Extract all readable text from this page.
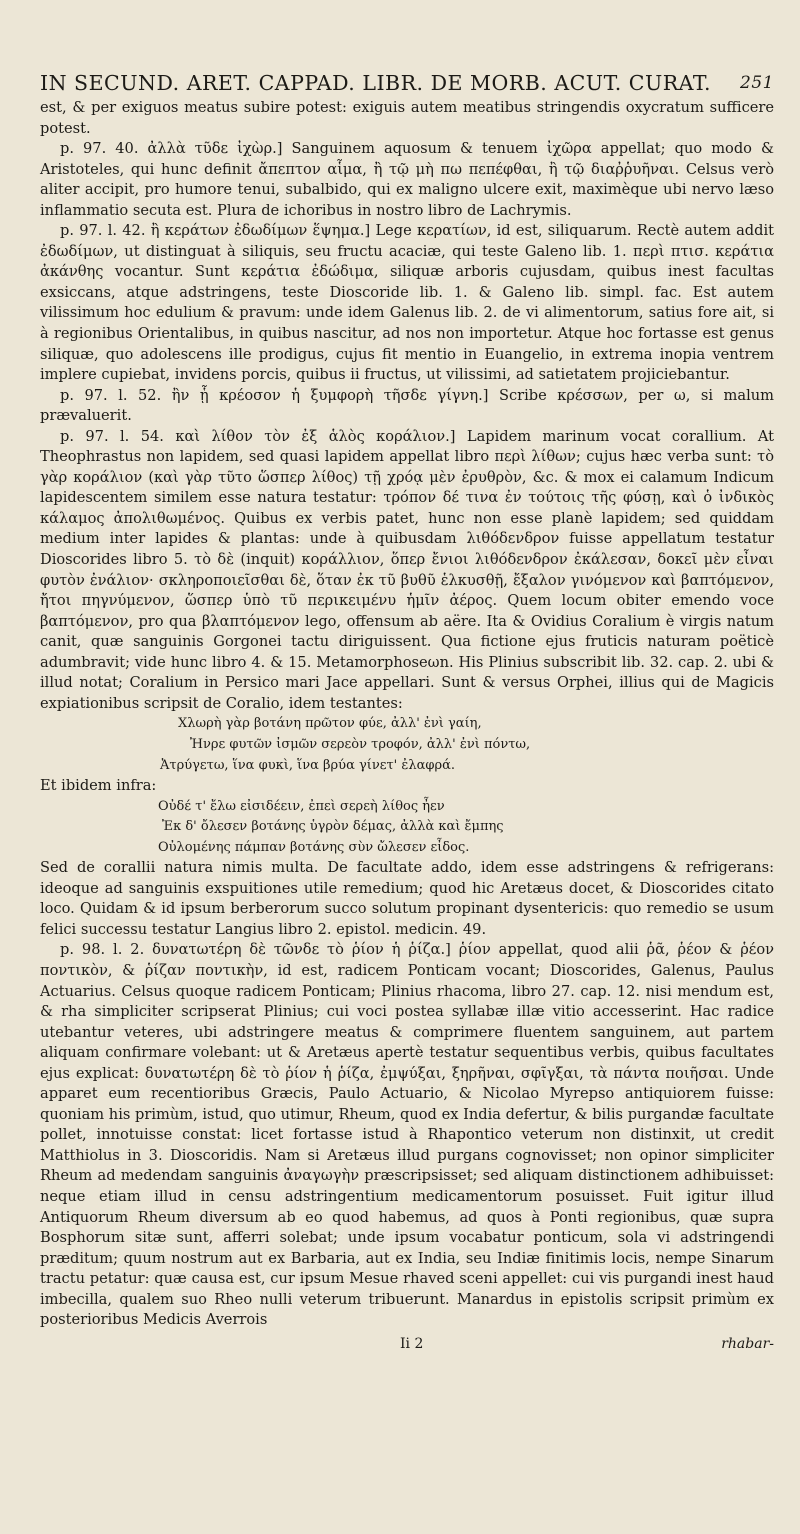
IN SECUND. ARET. CAPPAD. LIBR. DE MORB. ACUT. CURAT. 251

est, & per exiguos meatus subire potest: exiguis autem meatibus stringendis oxycratum sufficere potest.

p. 97. 40. ἀλλὰ τῦδε ἰχὼρ.] Sanguinem aquosum & tenuem ἰχῶρα appellat; quo modo & Aristoteles, qui hunc definit ἄπεπτον αἷμα, ἢ τῷ μὴ πω πεπέφθαι, ἢ τῷ διαῤῥυῆναι. Celsus verò aliter accipit, pro humore tenui, subalbido, qui ex maligno ulcere exit, maximèque ubi nervo læso inflammatio secuta est. Plura de ichoribus in nostro libro de Lachrymis.

p. 97. l. 42. ἢ κεράτων ἐδωδίμων ἕψημα.] Lege κερατίων, id est, siliquarum. Rectè autem addit ἐδωδίμων, ut distinguat à siliquis, seu fructu acaciæ, qui teste Galeno lib. 1. περὶ πτισ. κεράτια ἀκάνθης vocantur. Sunt κεράτια ἐδώδιμα, siliquæ arboris cujusdam, quibus inest facultas exsiccans, atque adstringens, teste Dioscoride lib. 1. & Galeno lib. simpl. fac. Est autem vilissimum hoc edulium & pravum: unde idem Galenus lib. 2. de vi alimentorum, satius fore ait, si à regionibus Orientalibus, in quibus nascitur, ad nos non importetur. Atque hoc fortasse est genus siliquæ, quo adolescens ille prodigus, cujus fit mentio in Euangelio, in extrema inopia ventrem implere cupiebat, invidens porcis, quibus ii fructus, ut vilissimi, ad satietatem projiciebantur.

p. 97. l. 52. ἢν ᾗ κρέοσον ἡ ξυμφορὴ τῆσδε γίγνη.] Scribe κρέσσων, per ω, si malum prævaluerit.

p. 97. l. 54. καὶ λίθον τὸν ἐξ ἁλὸς κοράλιον.] Lapidem marinum vocat corallium. At Theophrastus non lapidem, sed quasi lapidem appellat libro περὶ λίθων; cujus hæc verba sunt: τὸ γὰρ κοράλιον (καὶ γὰρ τῦτο ὥσπερ λίθος) τῇ χρόᾳ μὲν ἐρυθρὸν, &c. & mox ei calamum Indicum lapidescentem similem esse natura testatur: τρόπον δέ τινα ἐν τούτοις τῆς φύσῃ, καὶ ὁ ἰνδικὸς κάλαμος ἀπολιθωμένος. Quibus ex verbis patet, hunc non esse planè lapidem; sed quiddam medium inter lapides & plantas: unde à quibusdam λιθόδενδρον fuisse appellatum testatur Dioscorides libro 5. τὸ δὲ (inquit) κοράλλιον, ὅπερ ἔνιοι λιθόδενδρον ἐκάλεσαν, δοκεῖ μὲν εἶναι φυτὸν ἐνάλιον· σκληροποιεῖσθαι δὲ, ὅταν ἐκ τῦ βυθῦ ἑλκυσθῇ, ἔξαλον γινόμενον καὶ βαπτόμενον, ἤτοι πηγνύμενον, ὥσπερ ὑπὸ τῦ περικειμένυ ἡμῖν ἀέρος. Quem locum obiter emendo voce βαπτόμενον, pro qua βλαπτόμενον lego, offensum ab aëre. Ita & Ovidius Coralium è virgis natum canit, quæ sanguinis Gorgonei tactu diriguissent. Qua fictione ejus fruticis naturam poëticè adumbravit; vide hunc libro 4. & 15. Metamorphoseωn. His Plinius subscribit lib. 32. cap. 2. ubi & illud notat; Coralium in Persico mari Jace appellari. Sunt & versus Orphei, illius qui de Magicis expiationibus scripsit de Coralio, idem testantes:

Χλωρὴ γὰρ βοτάνη πρῶτον φύε, ἀλλ' ἐνὶ γαίη,
Ἠνρε φυτῶν ἰσμῶν σερεὸν τροφόν, ἀλλ' ἐνὶ πόντω,
Ἀτρύγετω, ἵνα φυκὶ, ἵνα βρύα γίνετ' ἐλαφρά.

Et ibidem infra:

Οὐδέ τ' ἔλω εἰσιδέειν, ἐπεὶ σερεὴ λίθος ἦεν
Ἐκ δ' ὄλεσεν βοτάνης ὑγρὸν δέμας, ἀλλὰ καὶ ἔμπης
Οὐλομένης πάμπαν βοτάνης σὺν ὤλεσεν εἶδος.

Sed de corallii natura nimis multa. De facultate addo, idem esse adstringens & refrigerans: ideoque ad sanguinis exspuitiones utile remedium; quod hic Aretæus docet, & Dioscorides citato loco. Quidam & id ipsum berberorum succo solutum propinant dysentericis: quo remedio se usum felici successu testatur Langius libro 2. epistol. medicin. 49.

p. 98. l. 2. δυνατωτέρη δὲ τῶνδε τὸ ῥίον ἡ ῥίζα.] ῥίον appellat, quod alii ῥᾶ, ῥέον & ῥέον ποντικὸν, & ῥίζαν ποντικὴν, id est, radicem Ponticam vocant; Dioscorides, Galenus, Paulus Actuarius. Celsus quoque radicem Ponticam; Plinius rhacoma, libro 27. cap. 12. nisi mendum est, & rha simpliciter scripserat Plinius; cui voci postea syllabæ illæ vitio accesserint. Hac radice utebantur veteres, ubi adstringere meatus & comprimere fluentem sanguinem, aut partem aliquam confirmare volebant: ut & Aretæus apertè testatur sequentibus verbis, quibus facultates ejus explicat: δυνατωτέρη δὲ τὸ ῥίον ἡ ῥίζα, ἐμψύξαι, ξηρῆναι, σφῖγξαι, τὰ πάντα ποιῆσαι. Unde apparet eum recentioribus Græcis, Paulo Actuario, & Nicolao Myrepso antiquiorem fuisse: quoniam his primùm, istud, quo utimur, Rheum, quod ex India defertur, & bilis purgandæ facultate pollet, innotuisse constat: licet fortasse istud à Rhapontico veterum non distinxit, ut credit Matthiolus in 3. Dioscoridis. Nam si Aretæus illud purgans cognovisset; non opinor simpliciter Rheum ad medendam sanguinis ἀναγωγὴν præscripsisset; sed aliquam distinctionem adhibuisset: neque etiam illud in censu adstringentium medicamentorum posuisset. Fuit igitur illud Antiquorum Rheum diversum ab eo quod habemus, ad quos à Ponti regionibus, quæ supra Bosphorum sitæ sunt, afferri solebat; unde ipsum vocabatur ponticum, sola vi adstringendi præditum; quum nostrum aut ex Barbaria, aut ex India, seu Indiæ finitimis locis, nempe Sinarum tractu petatur: quæ causa est, cur ipsum Mesue rhaved sceni appellet: cui vis purgandi inest haud imbecilla, qualem suo Rheo nulli veterum tribuerunt. Manardus in epistolis scripsit primùm ex posterioribus Medicis Averrois

Ii 2	rhabar-
